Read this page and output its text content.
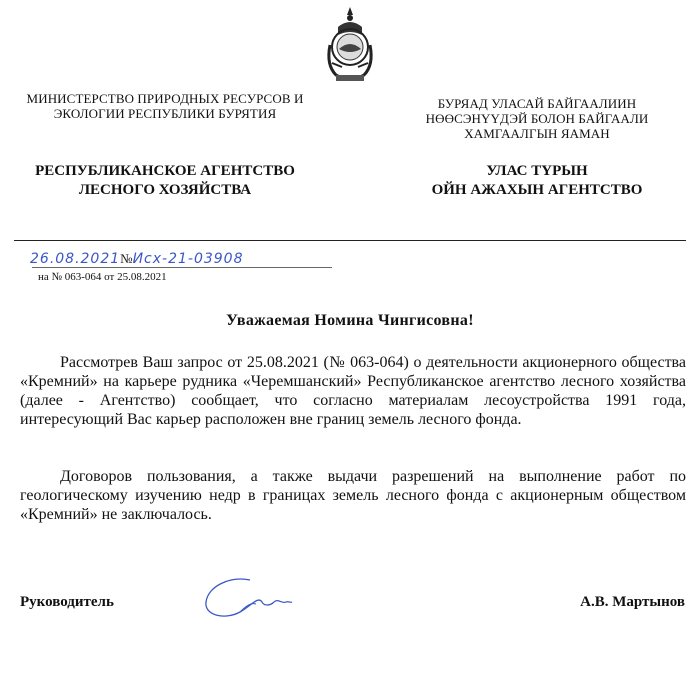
МИНИСТЕРСТВО ПРИРОДНЫХ РЕСУРСОВ И
ЭКОЛОГИИ РЕСПУБЛИКИ БУРЯТИЯ
РЕСПУБЛИКАНСКОЕ АГЕНТСТВО
ЛЕСНОГО ХОЗЯЙСТВА
БУРЯАД УЛАСАЙ БАЙГААЛИИН
НӨӨСЭНҮҮДЭЙ БОЛОН БАЙГААЛИ
ХАМГААЛГЫН ЯАМАН
УЛАС ТҮРЫН
ОЙН АЖАХЫН АГЕНТСТВО
26.08.2021№Исх-21-03908
на № 063-064 от 25.08.2021
Уважаемая Номина Чингисовна!

Рассмотрев Ваш запрос от 25.08.2021 (№ 063-064) о деятельности акционерного общества «Кремний» на карьере рудника «Черемшанский» Республиканское агентство лесного хозяйства (далее - Агентство) сообщает, что согласно материалам лесоустройства 1991 года, интересующий Вас карьер расположен вне границ земель лесного фонда.

Договоров пользования, а также выдачи разрешений на выполнение работ по геологическому изучению недр в границах земель лесного фонда с акционерным обществом «Кремний» не заключалось.

Руководитель	А.В. Мартынов
